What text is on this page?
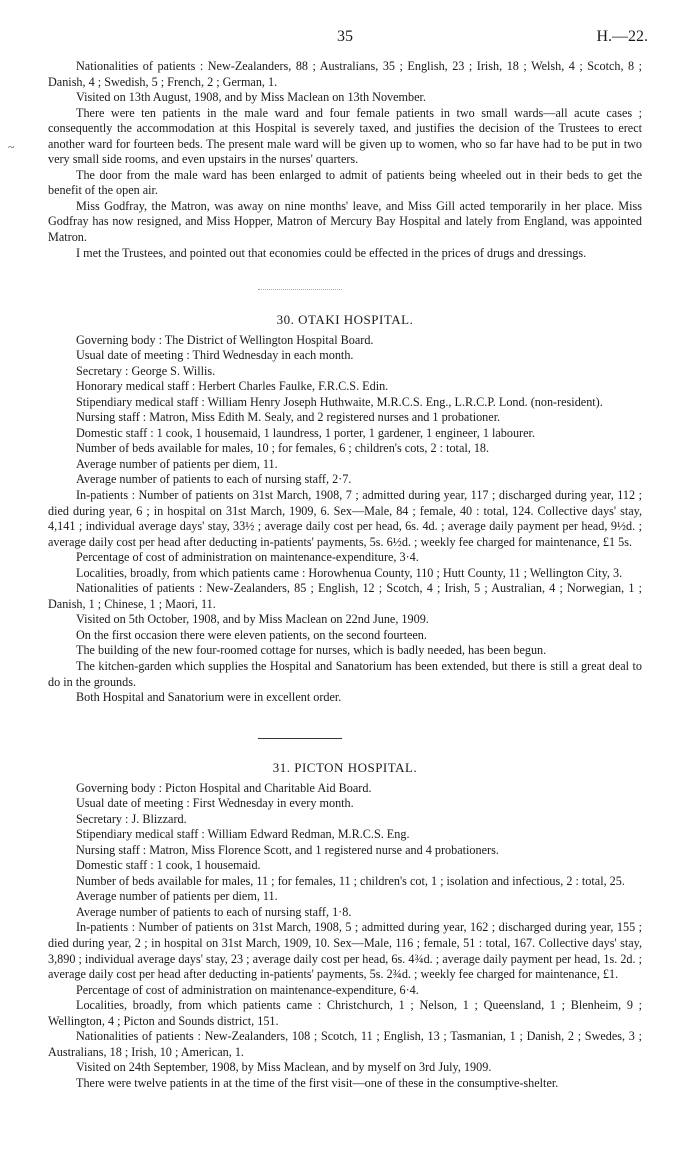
35	H.—22.
~

Nationalities of patients : New-Zealanders, 88 ; Australians, 35 ; English, 23 ; Irish, 18 ; Welsh, 4 ; Scotch, 8 ; Danish, 4 ; Swedish, 5 ; French, 2 ; German, 1.

Visited on 13th August, 1908, and by Miss Maclean on 13th November.

There were ten patients in the male ward and four female patients in two small wards—all acute cases ; consequently the accommodation at this Hospital is severely taxed, and justifies the decision of the Trustees to erect another ward for fourteen beds. The present male ward will be given up to women, who so far have had to be put in two very small side rooms, and even upstairs in the nurses' quarters.

The door from the male ward has been enlarged to admit of patients being wheeled out in their beds to get the benefit of the open air.

Miss Godfray, the Matron, was away on nine months' leave, and Miss Gill acted temporarily in her place. Miss Godfray has now resigned, and Miss Hopper, Matron of Mercury Bay Hospital and lately from England, was appointed Matron.

I met the Trustees, and pointed out that economies could be effected in the prices of drugs and dressings.

30. OTAKI HOSPITAL.

Governing body : The District of Wellington Hospital Board.

Usual date of meeting : Third Wednesday in each month.

Secretary : George S. Willis.

Honorary medical staff : Herbert Charles Faulke, F.R.C.S. Edin.

Stipendiary medical staff : William Henry Joseph Huthwaite, M.R.C.S. Eng., L.R.C.P. Lond. (non-resident).

Nursing staff : Matron, Miss Edith M. Sealy, and 2 registered nurses and 1 probationer.

Domestic staff : 1 cook, 1 housemaid, 1 laundress, 1 porter, 1 gardener, 1 engineer, 1 labourer.

Number of beds available for males, 10 ; for females, 6 ; children's cots, 2 : total, 18.

Average number of patients per diem, 11.

Average number of patients to each of nursing staff, 2·7.

In-patients : Number of patients on 31st March, 1908, 7 ; admitted during year, 117 ; discharged during year, 112 ; died during year, 6 ; in hospital on 31st March, 1909, 6. Sex—Male, 84 ; female, 40 : total, 124. Collective days' stay, 4,141 ; individual average days' stay, 33½ ; average daily cost per head, 6s. 4d. ; average daily payment per head, 9½d. ; average daily cost per head after deducting in-patients' payments, 5s. 6½d. ; weekly fee charged for maintenance, £1 5s.

Percentage of cost of administration on maintenance-expenditure, 3·4.

Localities, broadly, from which patients came : Horowhenua County, 110 ; Hutt County, 11 ; Wellington City, 3.

Nationalities of patients : New-Zealanders, 85 ; English, 12 ; Scotch, 4 ; Irish, 5 ; Australian, 4 ; Norwegian, 1 ; Danish, 1 ; Chinese, 1 ; Maori, 11.

Visited on 5th October, 1908, and by Miss Maclean on 22nd June, 1909.

On the first occasion there were eleven patients, on the second fourteen.

The building of the new four-roomed cottage for nurses, which is badly needed, has been begun.

The kitchen-garden which supplies the Hospital and Sanatorium has been extended, but there is still a great deal to do in the grounds.

Both Hospital and Sanatorium were in excellent order.

31. PICTON HOSPITAL.

Governing body : Picton Hospital and Charitable Aid Board.

Usual date of meeting : First Wednesday in every month.

Secretary : J. Blizzard.

Stipendiary medical staff : William Edward Redman, M.R.C.S. Eng.

Nursing staff : Matron, Miss Florence Scott, and 1 registered nurse and 4 probationers.

Domestic staff : 1 cook, 1 housemaid.

Number of beds available for males, 11 ; for females, 11 ; children's cot, 1 ; isolation and infectious, 2 : total, 25.

Average number of patients per diem, 11.

Average number of patients to each of nursing staff, 1·8.

In-patients : Number of patients on 31st March, 1908, 5 ; admitted during year, 162 ; discharged during year, 155 ; died during year, 2 ; in hospital on 31st March, 1909, 10. Sex—Male, 116 ; female, 51 : total, 167. Collective days' stay, 3,890 ; individual average days' stay, 23 ; average daily cost per head, 6s. 4¾d. ; average daily payment per head, 1s. 2d. ; average daily cost per head after deducting in-patients' payments, 5s. 2¾d. ; weekly fee charged for maintenance, £1.

Percentage of cost of administration on maintenance-expenditure, 6·4.

Localities, broadly, from which patients came : Christchurch, 1 ; Nelson, 1 ; Queensland, 1 ; Blenheim, 9 ; Wellington, 4 ; Picton and Sounds district, 151.

Nationalities of patients : New-Zealanders, 108 ; Scotch, 11 ; English, 13 ; Tasmanian, 1 ; Danish, 2 ; Swedes, 3 ; Australians, 18 ; Irish, 10 ; American, 1.

Visited on 24th September, 1908, by Miss Maclean, and by myself on 3rd July, 1909.

There were twelve patients in at the time of the first visit—one of these in the consumptive-shelter.
